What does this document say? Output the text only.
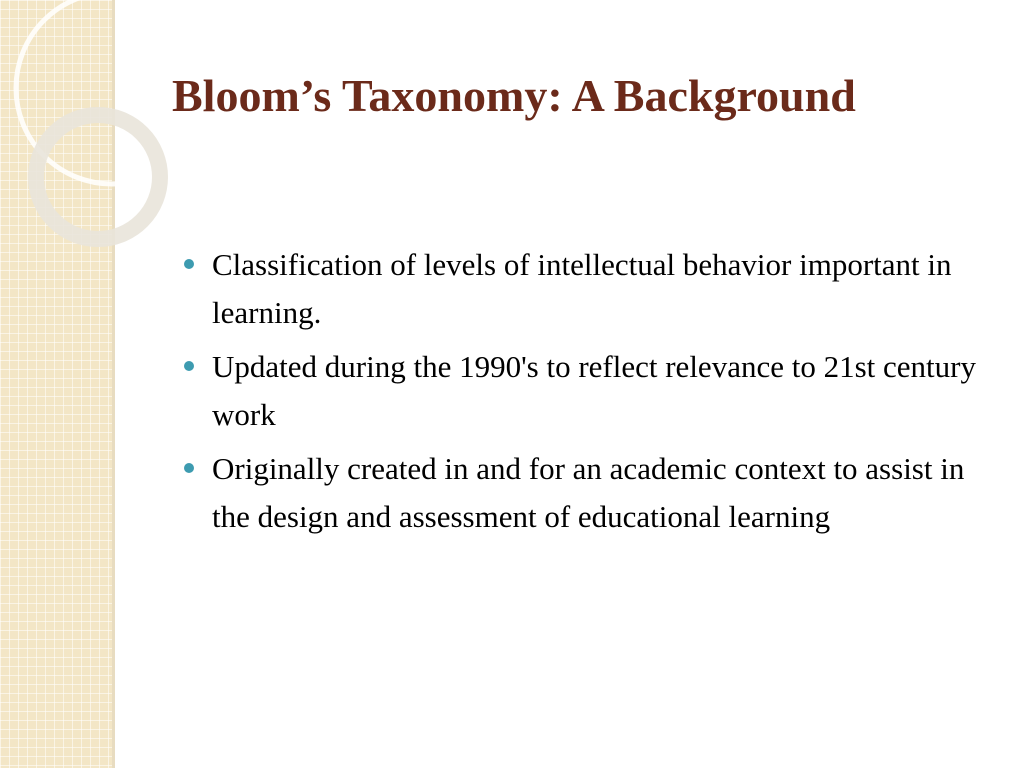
Bloom’s Taxonomy: A Background
Classification of levels of intellectual behavior important in learning.
Updated during the 1990's to reflect relevance to 21st century work
Originally created in and for an academic context to assist in the design and assessment of educational learning
